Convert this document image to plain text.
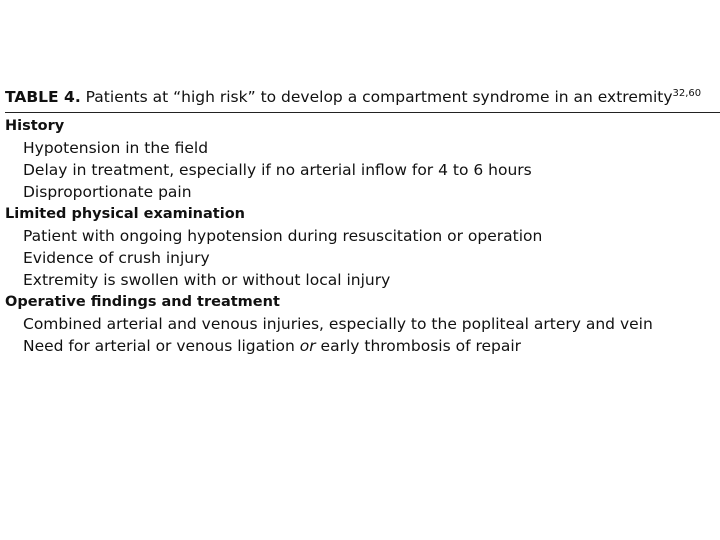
TABLE 4. Patients at “high risk” to develop a compartment syndrome in an extremity$^{32,60}$
History
Hypotension in the field
Delay in treatment, especially if no arterial inflow for 4 to 6 hours
Disproportionate pain
Limited physical examination
Patient with ongoing hypotension during resuscitation or operation
Evidence of crush injury
Extremity is swollen with or without local injury
Operative findings and treatment
Combined arterial and venous injuries, especially to the popliteal artery and vein
Need for arterial or venous ligation or early thrombosis of repair
